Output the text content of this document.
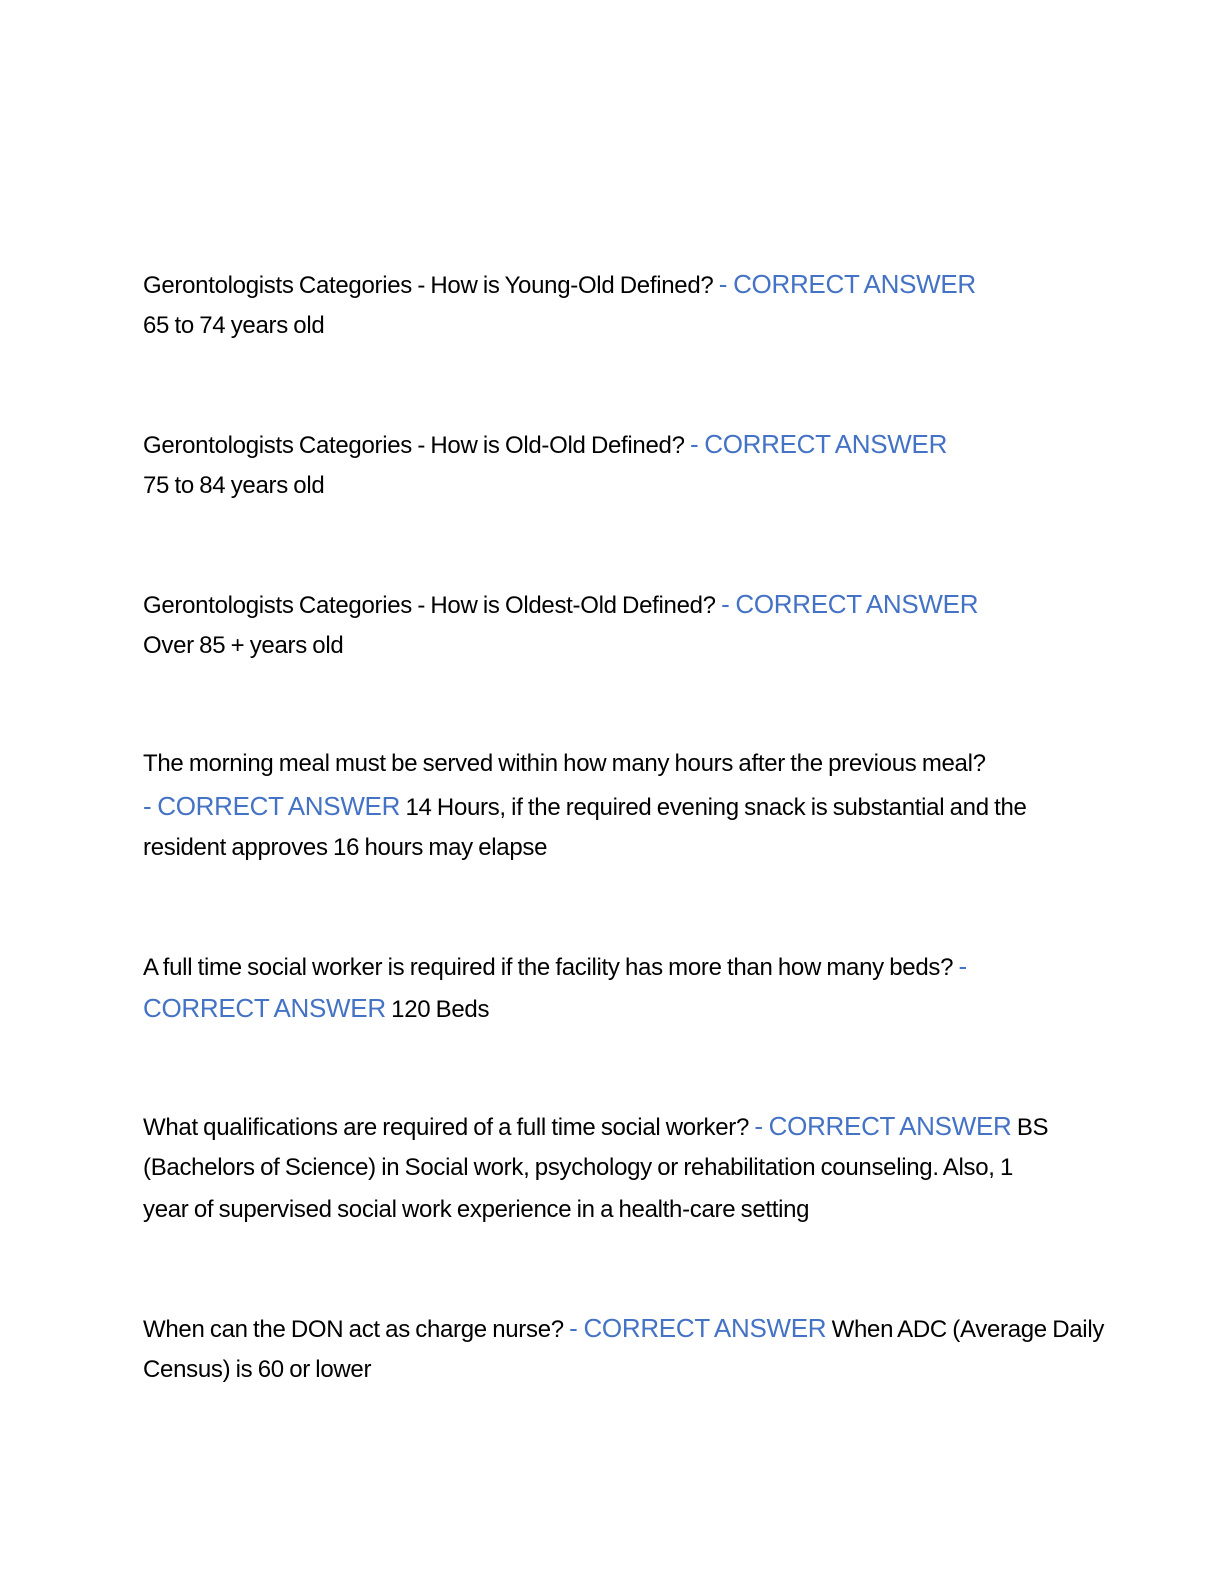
Gerontologists Categories - How is Young-Old Defined? - CORRECT ANSWER
65 to 74 years old
Gerontologists Categories - How is Old-Old Defined? - CORRECT ANSWER
75 to 84 years old
Gerontologists Categories - How is Oldest-Old Defined? - CORRECT ANSWER
Over 85 + years old
The morning meal must be served within how many hours after the previous meal?
- CORRECT ANSWER 14 Hours, if the required evening snack is substantial and the
resident approves 16 hours may elapse
A full time social worker is required if the facility has more than how many beds? -
CORRECT ANSWER 120 Beds
What qualifications are required of a full time social worker? - CORRECT ANSWER BS
(Bachelors of Science) in Social work, psychology or rehabilitation counseling. Also, 1
year of supervised social work experience in a health-care setting
When can the DON act as charge nurse? - CORRECT ANSWER When ADC (Average Daily
Census) is 60 or lower
